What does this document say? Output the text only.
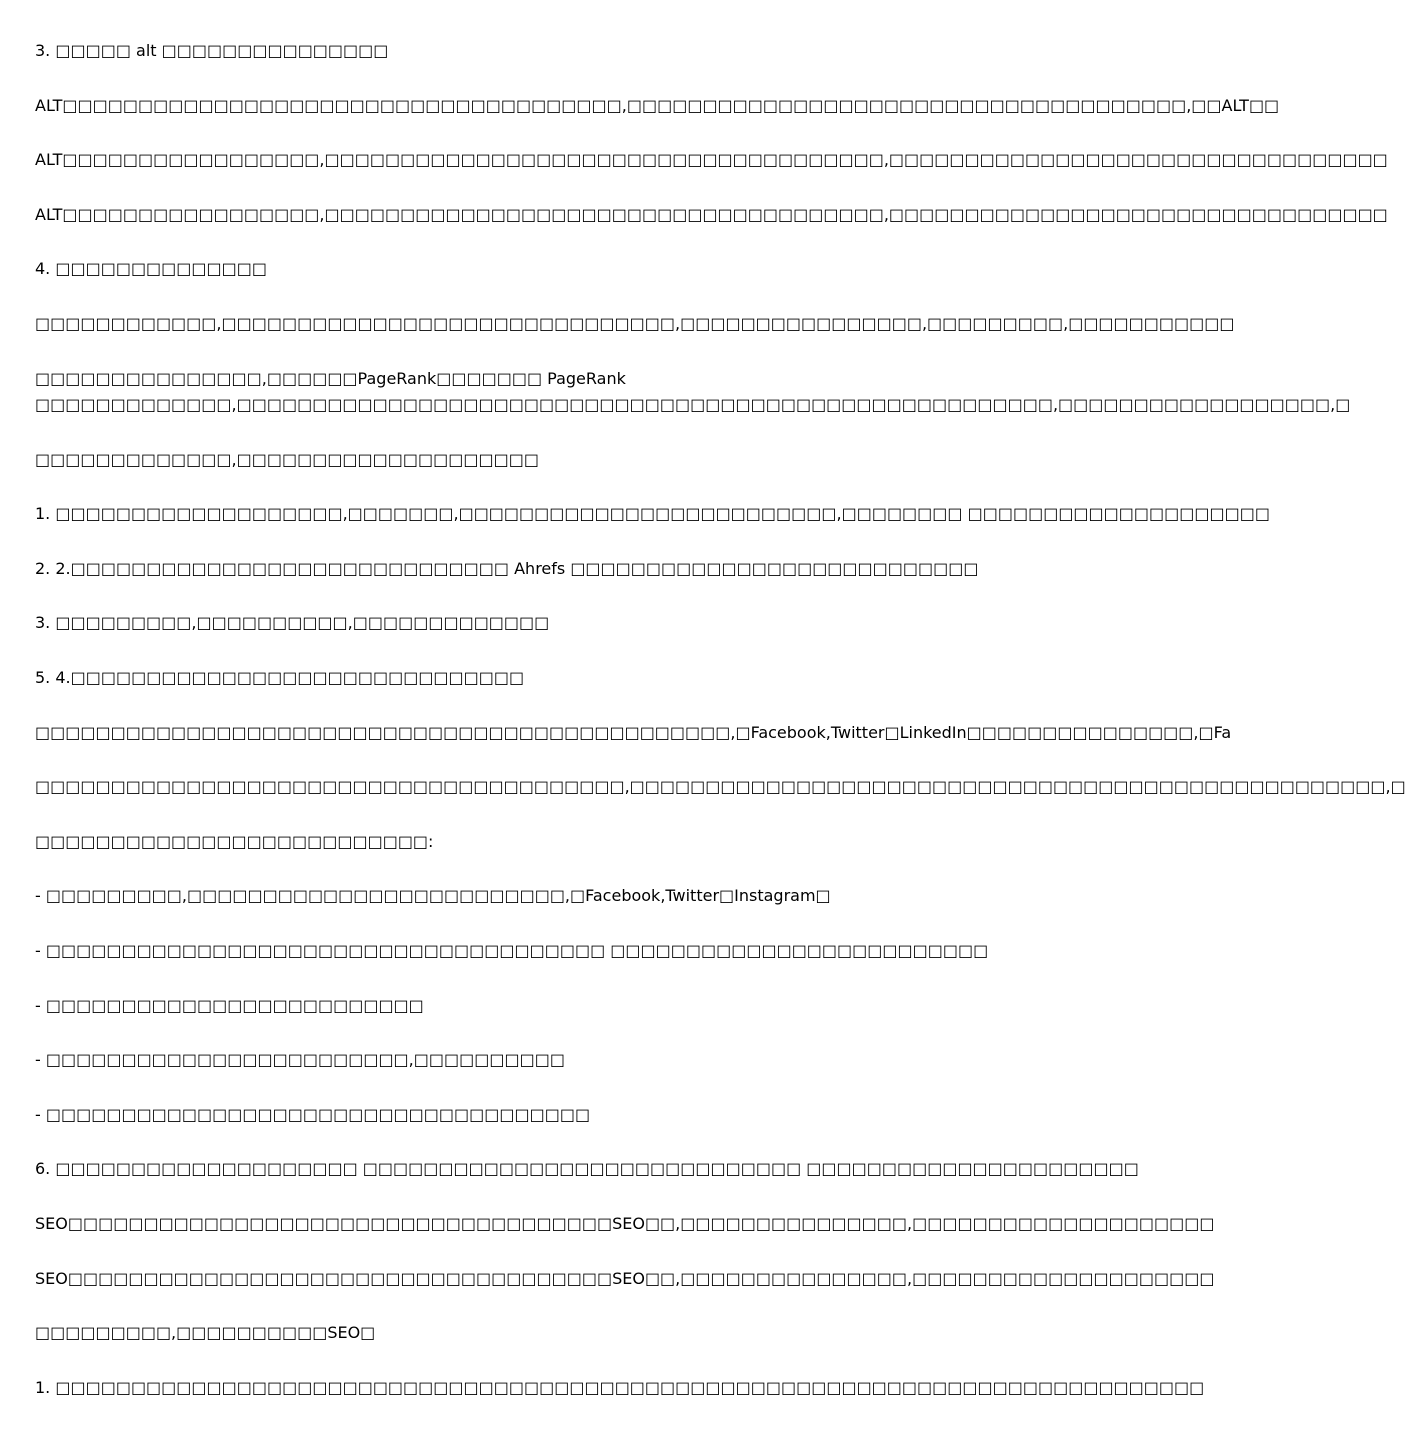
3. □□□□□ alt □□□□□□□□□□□□□□□
ALT□□□□□□□□□□□□□□□□□□□□□□□□□□□□□□□□□□□□□,□□□□□□□□□□□□□□□□□□□□□□□□□□□□□□□□□□□□□,□□ALT□□
ALT□□□□□□□□□□□□□□□□□,□□□□□□□□□□□□□□□□□□□□□□□□□□□□□□□□□□□□□,□□□□□□□□□□□□□□□□□□□□□□□□□□□□□□□□□
ALT□□□□□□□□□□□□□□□□□,□□□□□□□□□□□□□□□□□□□□□□□□□□□□□□□□□□□□□,□□□□□□□□□□□□□□□□□□□□□□□□□□□□□□□□□
4. □□□□□□□□□□□□□□
□□□□□□□□□□□□,□□□□□□□□□□□□□□□□□□□□□□□□□□□□□□,□□□□□□□□□□□□□□□□,□□□□□□□□□,□□□□□□□□□□□
□□□□□□□□□□□□□□□,□□□□□□PageRank□□□□□□□ PageRank
□□□□□□□□□□□□□,□□□□□□□□□□□□□□□□□□□□□□□□□□□□□□□□□□□□□□□□□□□□□□□□□□□□□□,□□□□□□□□□□□□□□□□□□,□
□□□□□□□□□□□□□,□□□□□□□□□□□□□□□□□□□□
1. □□□□□□□□□□□□□□□□□□□,□□□□□□□,□□□□□□□□□□□□□□□□□□□□□□□□□,□□□□□□□□ □□□□□□□□□□□□□□□□□□□□
2. 2.□□□□□□□□□□□□□□□□□□□□□□□□□□□□□ Ahrefs □□□□□□□□□□□□□□□□□□□□□□□□□□□
3. □□□□□□□□□,□□□□□□□□□□,□□□□□□□□□□□□□
5. 4.□□□□□□□□□□□□□□□□□□□□□□□□□□□□□□
□□□□□□□□□□□□□□□□□□□□□□□□□□□□□□□□□□□□□□□□□□□□□□,□Facebook,Twitter□LinkedIn□□□□□□□□□□□□□□□,□Fa
□□□□□□□□□□□□□□□□□□□□□□□□□□□□□□□□□□□□□□□,□□□□□□□□□□□□□□□□□□□□□□□□□□□□□□□□□□□□□□□□□□□□□□□□□□,□
□□□□□□□□□□□□□□□□□□□□□□□□□□:
- □□□□□□□□□,□□□□□□□□□□□□□□□□□□□□□□□□□,□Facebook,Twitter□Instagram□
- □□□□□□□□□□□□□□□□□□□□□□□□□□□□□□□□□□□□□ □□□□□□□□□□□□□□□□□□□□□□□□□
- □□□□□□□□□□□□□□□□□□□□□□□□□
- □□□□□□□□□□□□□□□□□□□□□□□□,□□□□□□□□□□
- □□□□□□□□□□□□□□□□□□□□□□□□□□□□□□□□□□□□
6. □□□□□□□□□□□□□□□□□□□□ □□□□□□□□□□□□□□□□□□□□□□□□□□□□□ □□□□□□□□□□□□□□□□□□□□□□
SEO□□□□□□□□□□□□□□□□□□□□□□□□□□□□□□□□□□□□SEO□□,□□□□□□□□□□□□□□□,□□□□□□□□□□□□□□□□□□□□
SEO□□□□□□□□□□□□□□□□□□□□□□□□□□□□□□□□□□□□SEO□□,□□□□□□□□□□□□□□□,□□□□□□□□□□□□□□□□□□□□
□□□□□□□□□,□□□□□□□□□□SEO□
1. □□□□□□□□□□□□□□□□□□□□□□□□□□□□□□□□□□□□□□□□□□□□□□□□□□□□□□□□□□□□□□□□□□□□□□□□□□□□
